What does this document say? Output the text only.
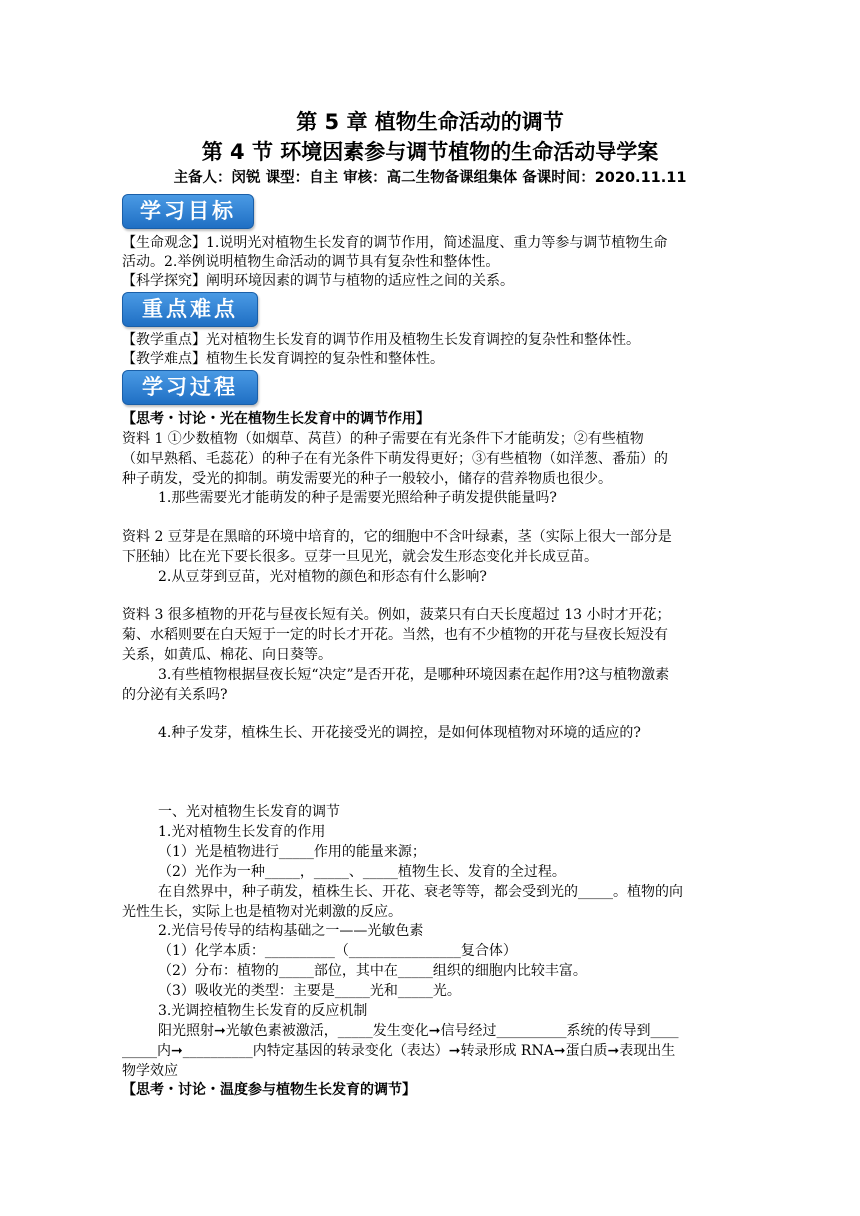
第 5 章 植物生命活动的调节
第 4 节 环境因素参与调节植物的生命活动导学案
主备人：闵锐 课型：自主 审核：高二生物备课组集体 备课时间：2020.11.11
学习目标
【生命观念】1.说明光对植物生长发育的调节作用，简述温度、重力等参与调节植物生命
活动。2.举例说明植物生命活动的调节具有复杂性和整体性。
【科学探究】阐明环境因素的调节与植物的适应性之间的关系。
重点难点
【教学重点】光对植物生长发育的调节作用及植物生长发育调控的复杂性和整体性。
【教学难点】植物生长发育调控的复杂性和整体性。
学习过程
【思考・讨论・光在植物生长发育中的调节作用】
资料 1 ①少数植物（如烟草、莴苣）的种子需要在有光条件下才能萌发；②有些植物
（如早熟稻、毛蕊花）的种子在有光条件下萌发得更好；③有些植物（如洋葱、番茄）的
种子萌发，受光的抑制。萌发需要光的种子一般较小，储存的营养物质也很少。
1.那些需要光才能萌发的种子是需要光照给种子萌发提供能量吗?
资料 2 豆芽是在黑暗的环境中培育的，它的细胞中不含叶绿素，茎（实际上很大一部分是
下胚轴）比在光下要长很多。豆芽一旦见光，就会发生形态变化并长成豆苗。
2.从豆芽到豆苗，光对植物的颜色和形态有什么影响?
资料 3 很多植物的开花与昼夜长短有关。例如，菠菜只有白天长度超过 13 小时才开花；
菊、水稻则要在白天短于一定的时长才开花。当然，也有不少植物的开花与昼夜长短没有
关系，如黄瓜、棉花、向日葵等。
3.有些植物根据昼夜长短“决定”是否开花，是哪种环境因素在起作用?这与植物激素
的分泌有关系吗?
4.种子发芽，植株生长、开花接受光的调控，是如何体现植物对环境的适应的?
一、光对植物生长发育的调节
1.光对植物生长发育的作用
（1）光是植物进行_____作用的能量来源；
（2）光作为一种_____，_____、_____植物生长、发育的全过程。
在自然界中，种子萌发，植株生长、开花、衰老等等，都会受到光的_____。植物的向
光性生长，实际上也是植物对光刺激的反应。
2.光信号传导的结构基础之一——光敏色素
（1）化学本质：__________（________________复合体）
（2）分布：植物的_____部位，其中在_____组织的细胞内比较丰富。
（3）吸收光的类型：主要是_____光和_____光。
3.光调控植物生长发育的反应机制
阳光照射➞光敏色素被激活，_____发生变化➞信号经过__________系统的传导到____
_____内➞__________内特定基因的转录变化（表达）➞转录形成 RNA➞蛋白质➞表现出生
物学效应
【思考・讨论・温度参与植物生长发育的调节】
